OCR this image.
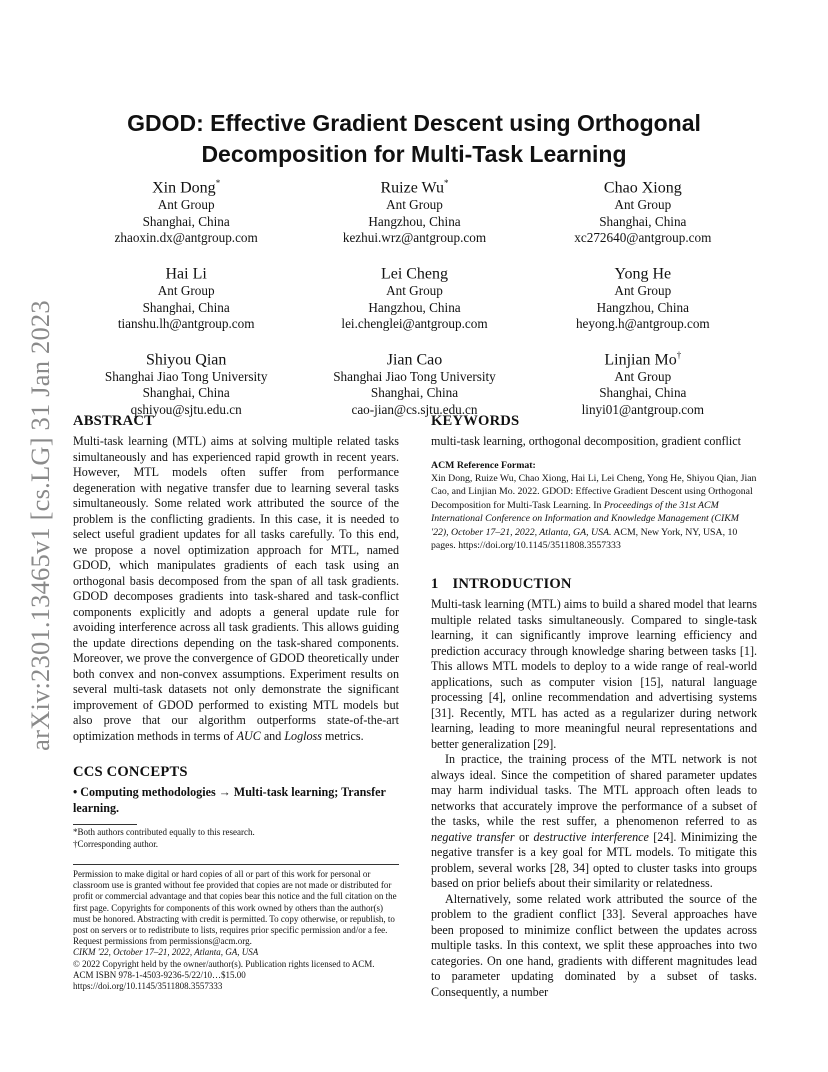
arXiv:2301.13465v1 [cs.LG] 31 Jan 2023
GDOD: Effective Gradient Descent using Orthogonal Decomposition for Multi-Task Learning
Xin Dong*
Ant Group
Shanghai, China
zhaoxin.dx@antgroup.com
Ruize Wu*
Ant Group
Hangzhou, China
kezhui.wrz@antgroup.com
Chao Xiong
Ant Group
Shanghai, China
xc272640@antgroup.com
Hai Li
Ant Group
Shanghai, China
tianshu.lh@antgroup.com
Lei Cheng
Ant Group
Hangzhou, China
lei.chenglei@antgroup.com
Yong He
Ant Group
Hangzhou, China
heyong.h@antgroup.com
Shiyou Qian
Shanghai Jiao Tong University
Shanghai, China
qshiyou@sjtu.edu.cn
Jian Cao
Shanghai Jiao Tong University
Shanghai, China
cao-jian@cs.sjtu.edu.cn
Linjian Mo†
Ant Group
Shanghai, China
linyi01@antgroup.com
ABSTRACT

Multi-task learning (MTL) aims at solving multiple related tasks simultaneously and has experienced rapid growth in recent years. However, MTL models often suffer from performance degeneration with negative transfer due to learning several tasks simultaneously. Some related work attributed the source of the problem is the conflicting gradients. In this case, it is needed to select useful gradient updates for all tasks carefully. To this end, we propose a novel optimization approach for MTL, named GDOD, which manipulates gradients of each task using an orthogonal basis decomposed from the span of all task gradients. GDOD decomposes gradients into task-shared and task-conflict components explicitly and adopts a general update rule for avoiding interference across all task gradients. This allows guiding the update directions depending on the task-shared components. Moreover, we prove the convergence of GDOD theoretically under both convex and non-convex assumptions. Experiment results on several multi-task datasets not only demonstrate the significant improvement of GDOD performed to existing MTL models but also prove that our algorithm outperforms state-of-the-art optimization methods in terms of AUC and Logloss metrics.

CCS CONCEPTS

• Computing methodologies → Multi-task learning; Transfer learning.

*Both authors contributed equally to this research.
†Corresponding author.
Permission to make digital or hard copies of all or part of this work for personal or classroom use is granted without fee provided that copies are not made or distributed for profit or commercial advantage and that copies bear this notice and the full citation on the first page. Copyrights for components of this work owned by others than the author(s) must be honored. Abstracting with credit is permitted. To copy otherwise, or republish, to post on servers or to redistribute to lists, requires prior specific permission and/or a fee. Request permissions from permissions@acm.org.
CIKM '22, October 17–21, 2022, Atlanta, GA, USA
© 2022 Copyright held by the owner/author(s). Publication rights licensed to ACM.
ACM ISBN 978-1-4503-9236-5/22/10…$15.00
https://doi.org/10.1145/3511808.3557333
KEYWORDS

multi-task learning, orthogonal decomposition, gradient conflict

ACM Reference Format:
Xin Dong, Ruize Wu, Chao Xiong, Hai Li, Lei Cheng, Yong He, Shiyou Qian, Jian Cao, and Linjian Mo. 2022. GDOD: Effective Gradient Descent using Orthogonal Decomposition for Multi-Task Learning. In Proceedings of the 31st ACM International Conference on Information and Knowledge Management (CIKM '22), October 17–21, 2022, Atlanta, GA, USA. ACM, New York, NY, USA, 10 pages. https://doi.org/10.1145/3511808.3557333
1 INTRODUCTION

Multi-task learning (MTL) aims to build a shared model that learns multiple related tasks simultaneously. Compared to single-task learning, it can significantly improve learning efficiency and prediction accuracy through knowledge sharing between tasks [1]. This allows MTL models to deploy to a wide range of real-world applications, such as computer vision [15], natural language processing [4], online recommendation and advertising systems [31]. Recently, MTL has acted as a regularizer during network learning, leading to more meaningful neural representations and better generalization [29].

In practice, the training process of the MTL network is not always ideal. Since the competition of shared parameter updates may harm individual tasks. The MTL approach often leads to networks that accurately improve the performance of a subset of the tasks, while the rest suffer, a phenomenon referred to as negative transfer or destructive interference [24]. Minimizing the negative transfer is a key goal for MTL models. To mitigate this problem, several works [28, 34] opted to cluster tasks into groups based on prior beliefs about their similarity or relatedness.

Alternatively, some related work attributed the source of the problem to the gradient conflict [33]. Several approaches have been proposed to minimize conflict between the updates across multiple tasks. In this context, we split these approaches into two categories. On one hand, gradients with different magnitudes lead to parameter updating dominated by a subset of tasks. Consequently, a number
